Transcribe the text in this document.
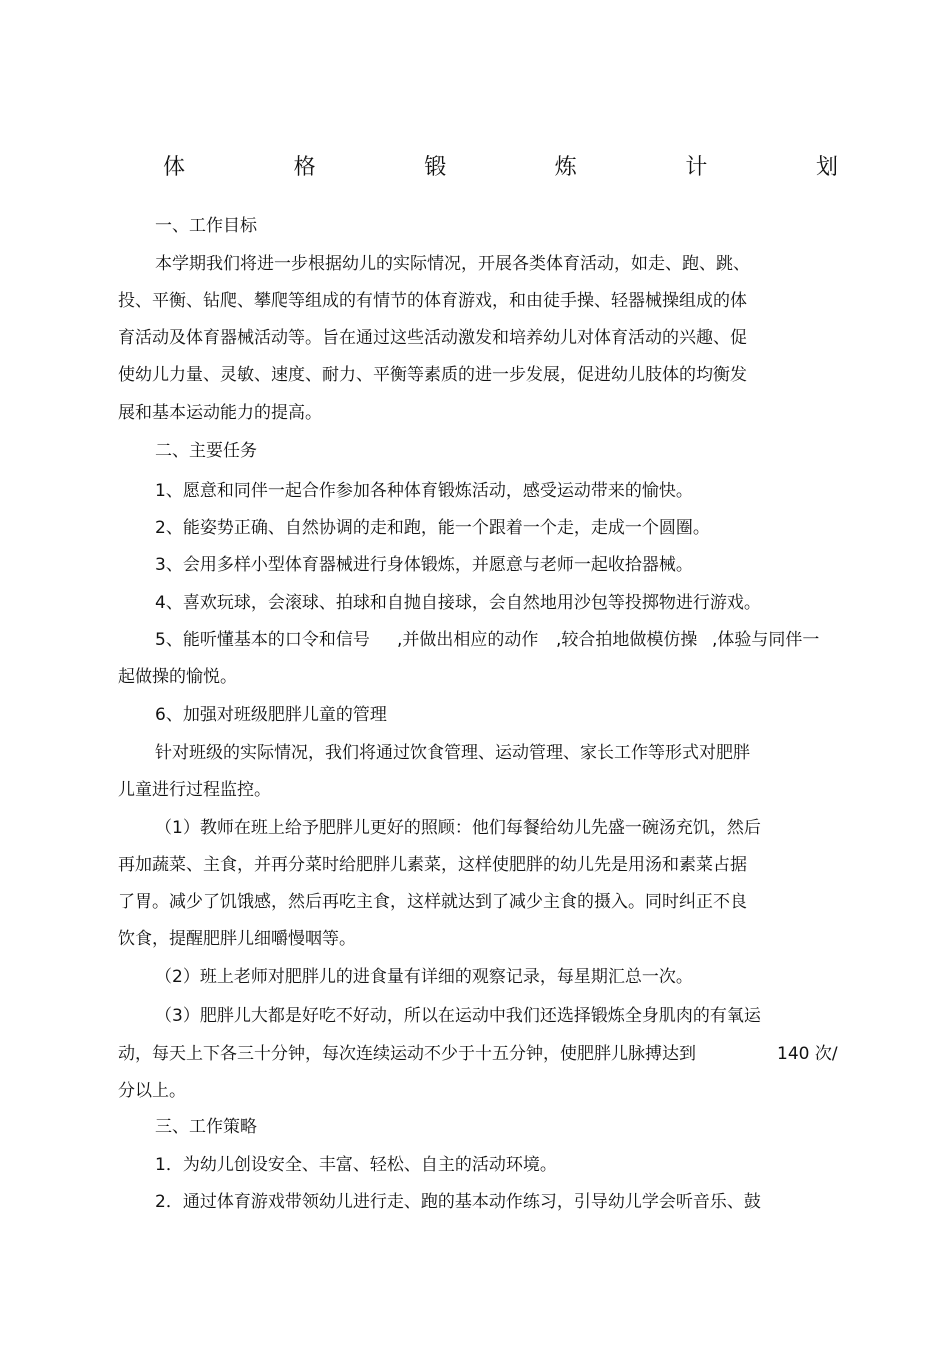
体	格	锻	炼	计	划
一、工作目标
本学期我们将进一步根据幼儿的实际情况，开展各类体育活动，如走、跑、跳、
投、平衡、钻爬、攀爬等组成的有情节的体育游戏，和由徒手操、轻器械操组成的体
育活动及体育器械活动等。旨在通过这些活动激发和培养幼儿对体育活动的兴趣、促
使幼儿力量、灵敏、速度、耐力、平衡等素质的进一步发展，促进幼儿肢体的均衡发
展和基本运动能力的提高。
二、主要任务
1、愿意和同伴一起合作参加各种体育锻炼活动，感受运动带来的愉快。
2、能姿势正确、自然协调的走和跑，能一个跟着一个走，走成一个圆圈。
3、会用多样小型体育器械进行身体锻炼，并愿意与老师一起收拾器械。
4、喜欢玩球，会滚球、拍球和自抛自接球，会自然地用沙包等投掷物进行游戏。
5、能听懂基本的口令和信号 ,并做出相应的动作 ,较合拍地做模仿操 ,体验与同伴一
起做操的愉悦。
6、加强对班级肥胖儿童的管理
针对班级的实际情况，我们将通过饮食管理、运动管理、家长工作等形式对肥胖
儿童进行过程监控。
（1）教师在班上给予肥胖儿更好的照顾：他们每餐给幼儿先盛一碗汤充饥，然后
再加蔬菜、主食，并再分菜时给肥胖儿素菜，这样使肥胖的幼儿先是用汤和素菜占据
了胃。减少了饥饿感，然后再吃主食，这样就达到了减少主食的摄入。同时纠正不良
饮食，提醒肥胖儿细嚼慢咽等。
（2）班上老师对肥胖儿的进食量有详细的观察记录，每星期汇总一次。
（3）肥胖儿大都是好吃不好动，所以在运动中我们还选择锻炼全身肌肉的有氧运
动，每天上下各三十分钟，每次连续运动不少于十五分钟，使肥胖儿脉搏达到	140 次/
分以上。
三、工作策略
1．为幼儿创设安全、丰富、轻松、自主的活动环境。
2．通过体育游戏带领幼儿进行走、跑的基本动作练习，引导幼儿学会听音乐、鼓
